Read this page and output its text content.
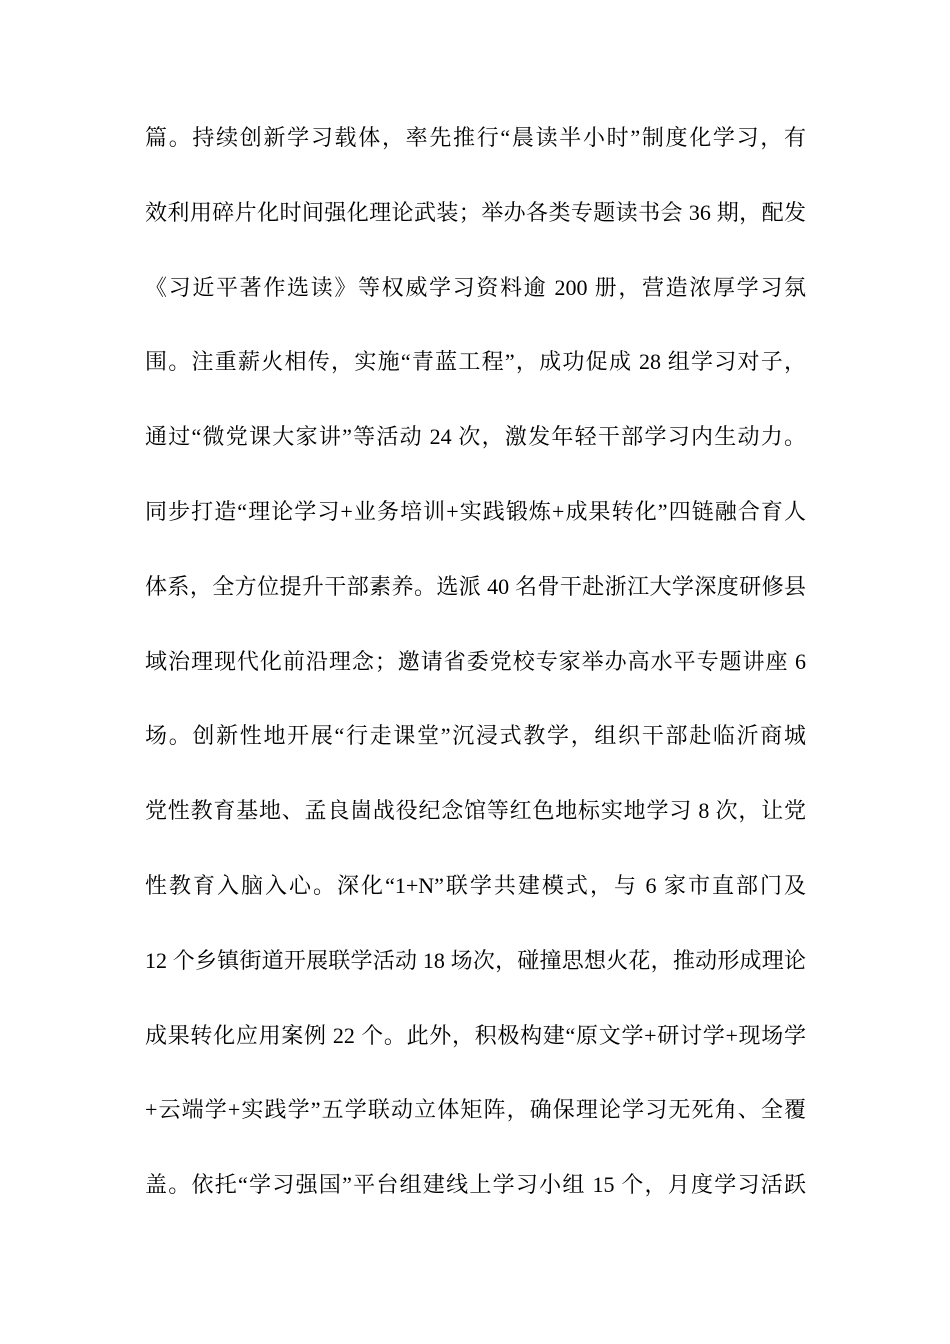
篇。持续创新学习载体，率先推行“晨读半小时”制度化学习，有
效利用碎片化时间强化理论武装；举办各类专题读书会 36 期，配发
《习近平著作选读》等权威学习资料逾 200 册，营造浓厚学习氛
围。注重薪火相传，实施“青蓝工程”，成功促成 28 组学习对子，
通过“微党课大家讲”等活动 24 次，激发年轻干部学习内生动力。
同步打造“理论学习+业务培训+实践锻炼+成果转化”四链融合育人
体系，全方位提升干部素养。选派 40 名骨干赴浙江大学深度研修县
域治理现代化前沿理念；邀请省委党校专家举办高水平专题讲座 6
场。创新性地开展“行走课堂”沉浸式教学，组织干部赴临沂商城
党性教育基地、孟良崮战役纪念馆等红色地标实地学习 8 次，让党
性教育入脑入心。深化“1+N”联学共建模式，与 6 家市直部门及
12 个乡镇街道开展联学活动 18 场次，碰撞思想火花，推动形成理论
成果转化应用案例 22 个。此外，积极构建“原文学+研讨学+现场学
+云端学+实践学”五学联动立体矩阵，确保理论学习无死角、全覆
盖。依托“学习强国”平台组建线上学习小组 15 个，月度学习活跃
